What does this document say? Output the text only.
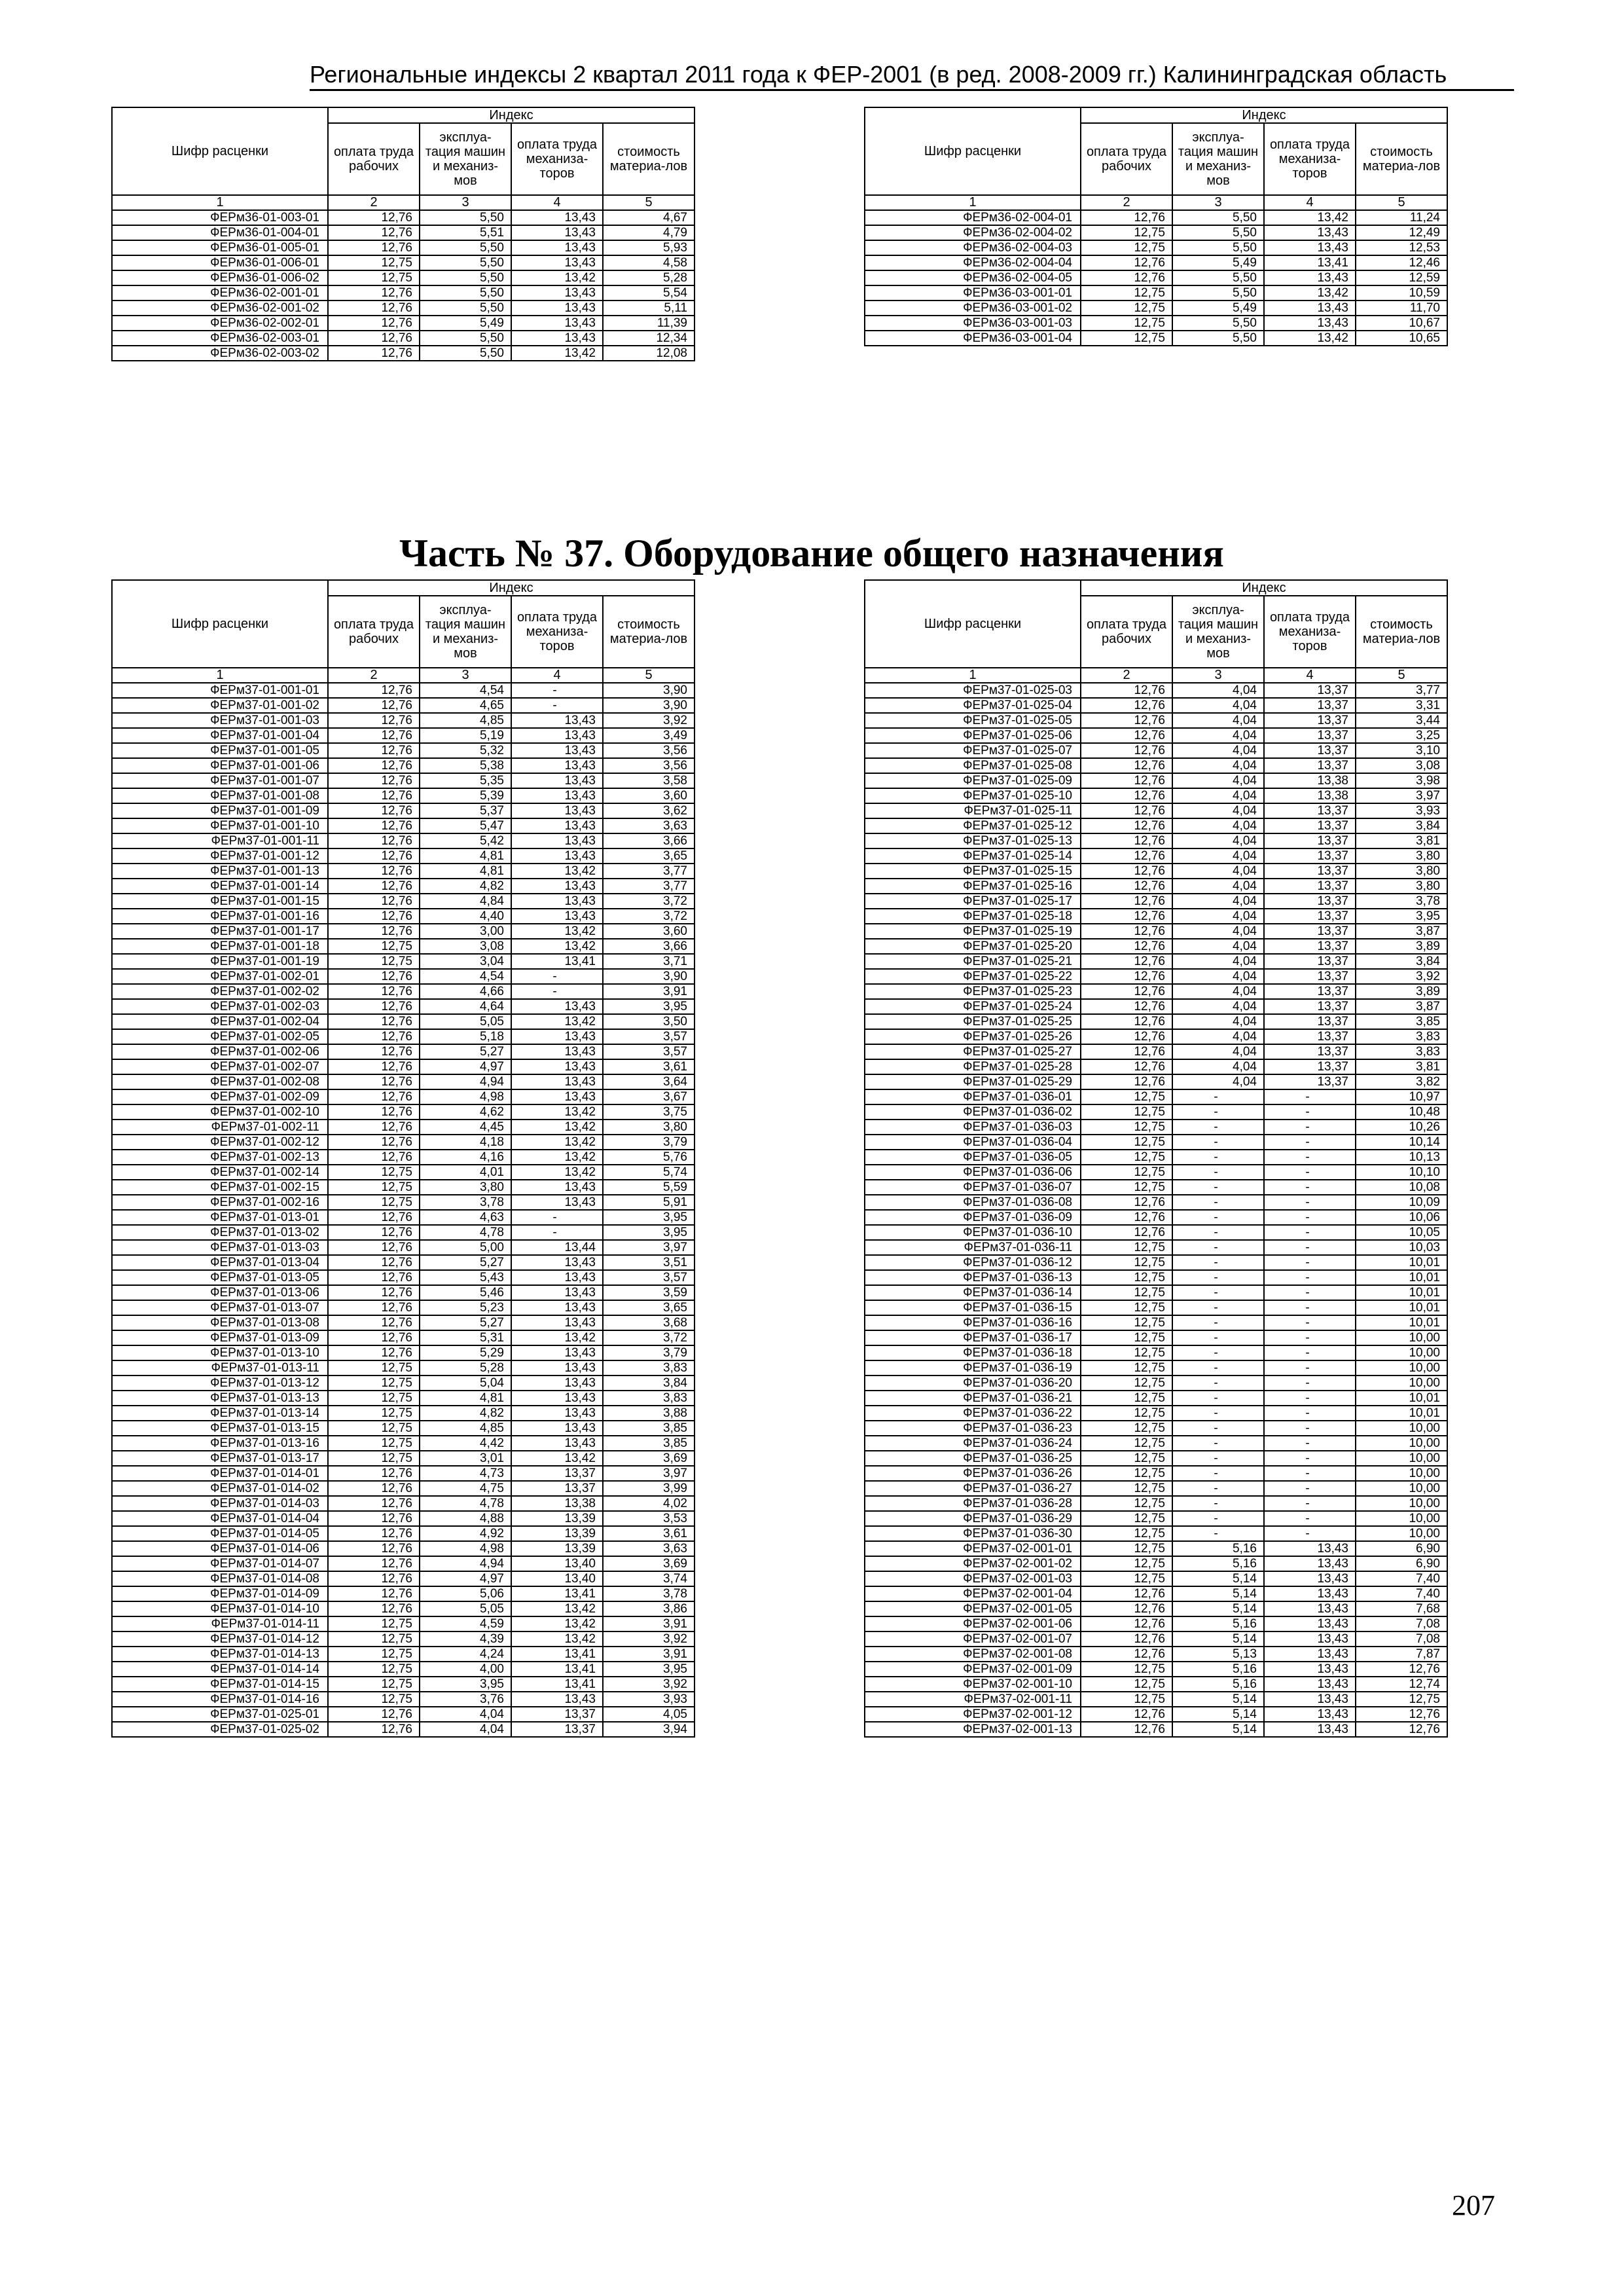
Региональные индексы 2 квартал 2011 года к ФЕР-2001 (в ред. 2008-2009 гг.) Калининградская область
Шифр расценки	Индекс			
	оплата труда рабочих	эксплуа-тация машин и механиз-мов	оплата труда механиза-торов	стоимость материа-лов
1	2	3	4	5
ФЕРм36-01-003-01	12,76	5,50	13,43	4,67
ФЕРм36-01-004-01	12,76	5,51	13,43	4,79
ФЕРм36-01-005-01	12,76	5,50	13,43	5,93
ФЕРм36-01-006-01	12,75	5,50	13,43	4,58
ФЕРм36-01-006-02	12,75	5,50	13,42	5,28
ФЕРм36-02-001-01	12,76	5,50	13,43	5,54
ФЕРм36-02-001-02	12,76	5,50	13,43	5,11
ФЕРм36-02-002-01	12,76	5,49	13,43	11,39
ФЕРм36-02-003-01	12,76	5,50	13,43	12,34
ФЕРм36-02-003-02	12,76	5,50	13,42	12,08
Шифр расценки	Индекс			
	оплата труда рабочих	эксплуа-тация машин и механиз-мов	оплата труда механиза-торов	стоимость материа-лов
1	2	3	4	5
ФЕРм36-02-004-01	12,76	5,50	13,42	11,24
ФЕРм36-02-004-02	12,75	5,50	13,43	12,49
ФЕРм36-02-004-03	12,75	5,50	13,43	12,53
ФЕРм36-02-004-04	12,76	5,49	13,41	12,46
ФЕРм36-02-004-05	12,76	5,50	13,43	12,59
ФЕРм36-03-001-01	12,75	5,50	13,42	10,59
ФЕРм36-03-001-02	12,75	5,49	13,43	11,70
ФЕРм36-03-001-03	12,75	5,50	13,43	10,67
ФЕРм36-03-001-04	12,75	5,50	13,42	10,65
Шифр расценки	Индекс			
	оплата труда рабочих	эксплуа-тация машин и механиз-мов	оплата труда механиза-торов	стоимость материа-лов
1	2	3	4	5
ФЕРм37-01-001-01	12,76	4,54	-	3,90
ФЕРм37-01-001-02	12,76	4,65	-	3,90
ФЕРм37-01-001-03	12,76	4,85	13,43	3,92
ФЕРм37-01-001-04	12,76	5,19	13,43	3,49
ФЕРм37-01-001-05	12,76	5,32	13,43	3,56
ФЕРм37-01-001-06	12,76	5,38	13,43	3,56
ФЕРм37-01-001-07	12,76	5,35	13,43	3,58
ФЕРм37-01-001-08	12,76	5,39	13,43	3,60
ФЕРм37-01-001-09	12,76	5,37	13,43	3,62
ФЕРм37-01-001-10	12,76	5,47	13,43	3,63
ФЕРм37-01-001-11	12,76	5,42	13,43	3,66
ФЕРм37-01-001-12	12,76	4,81	13,43	3,65
ФЕРм37-01-001-13	12,76	4,81	13,42	3,77
ФЕРм37-01-001-14	12,76	4,82	13,43	3,77
ФЕРм37-01-001-15	12,76	4,84	13,43	3,72
ФЕРм37-01-001-16	12,76	4,40	13,43	3,72
ФЕРм37-01-001-17	12,76	3,00	13,42	3,60
ФЕРм37-01-001-18	12,75	3,08	13,42	3,66
ФЕРм37-01-001-19	12,75	3,04	13,41	3,71
ФЕРм37-01-002-01	12,76	4,54	-	3,90
ФЕРм37-01-002-02	12,76	4,66	-	3,91
ФЕРм37-01-002-03	12,76	4,64	13,43	3,95
ФЕРм37-01-002-04	12,76	5,05	13,42	3,50
ФЕРм37-01-002-05	12,76	5,18	13,43	3,57
ФЕРм37-01-002-06	12,76	5,27	13,43	3,57
ФЕРм37-01-002-07	12,76	4,97	13,43	3,61
ФЕРм37-01-002-08	12,76	4,94	13,43	3,64
ФЕРм37-01-002-09	12,76	4,98	13,43	3,67
ФЕРм37-01-002-10	12,76	4,62	13,42	3,75
ФЕРм37-01-002-11	12,76	4,45	13,42	3,80
ФЕРм37-01-002-12	12,76	4,18	13,42	3,79
ФЕРм37-01-002-13	12,76	4,16	13,42	5,76
ФЕРм37-01-002-14	12,75	4,01	13,42	5,74
ФЕРм37-01-002-15	12,75	3,80	13,43	5,59
ФЕРм37-01-002-16	12,75	3,78	13,43	5,91
ФЕРм37-01-013-01	12,76	4,63	-	3,95
ФЕРм37-01-013-02	12,76	4,78	-	3,95
ФЕРм37-01-013-03	12,76	5,00	13,44	3,97
ФЕРм37-01-013-04	12,76	5,27	13,43	3,51
ФЕРм37-01-013-05	12,76	5,43	13,43	3,57
ФЕРм37-01-013-06	12,76	5,46	13,43	3,59
ФЕРм37-01-013-07	12,76	5,23	13,43	3,65
ФЕРм37-01-013-08	12,76	5,27	13,43	3,68
ФЕРм37-01-013-09	12,76	5,31	13,42	3,72
ФЕРм37-01-013-10	12,76	5,29	13,43	3,79
ФЕРм37-01-013-11	12,75	5,28	13,43	3,83
ФЕРм37-01-013-12	12,75	5,04	13,43	3,84
ФЕРм37-01-013-13	12,75	4,81	13,43	3,83
ФЕРм37-01-013-14	12,75	4,82	13,43	3,88
ФЕРм37-01-013-15	12,75	4,85	13,43	3,85
ФЕРм37-01-013-16	12,75	4,42	13,43	3,85
ФЕРм37-01-013-17	12,75	3,01	13,42	3,69
ФЕРм37-01-014-01	12,76	4,73	13,37	3,97
ФЕРм37-01-014-02	12,76	4,75	13,37	3,99
ФЕРм37-01-014-03	12,76	4,78	13,38	4,02
ФЕРм37-01-014-04	12,76	4,88	13,39	3,53
ФЕРм37-01-014-05	12,76	4,92	13,39	3,61
ФЕРм37-01-014-06	12,76	4,98	13,39	3,63
ФЕРм37-01-014-07	12,76	4,94	13,40	3,69
ФЕРм37-01-014-08	12,76	4,97	13,40	3,74
ФЕРм37-01-014-09	12,76	5,06	13,41	3,78
ФЕРм37-01-014-10	12,76	5,05	13,42	3,86
ФЕРм37-01-014-11	12,75	4,59	13,42	3,91
ФЕРм37-01-014-12	12,75	4,39	13,42	3,92
ФЕРм37-01-014-13	12,75	4,24	13,41	3,91
ФЕРм37-01-014-14	12,75	4,00	13,41	3,95
ФЕРм37-01-014-15	12,75	3,95	13,41	3,92
ФЕРм37-01-014-16	12,75	3,76	13,43	3,93
ФЕРм37-01-025-01	12,76	4,04	13,37	4,05
ФЕРм37-01-025-02	12,76	4,04	13,37	3,94
Шифр расценки	Индекс			
	оплата труда рабочих	эксплуа-тация машин и механиз-мов	оплата труда механиза-торов	стоимость материа-лов
1	2	3	4	5
ФЕРм37-01-025-03	12,76	4,04	13,37	3,77
ФЕРм37-01-025-04	12,76	4,04	13,37	3,31
ФЕРм37-01-025-05	12,76	4,04	13,37	3,44
ФЕРм37-01-025-06	12,76	4,04	13,37	3,25
ФЕРм37-01-025-07	12,76	4,04	13,37	3,10
ФЕРм37-01-025-08	12,76	4,04	13,37	3,08
ФЕРм37-01-025-09	12,76	4,04	13,38	3,98
ФЕРм37-01-025-10	12,76	4,04	13,38	3,97
ФЕРм37-01-025-11	12,76	4,04	13,37	3,93
ФЕРм37-01-025-12	12,76	4,04	13,37	3,84
ФЕРм37-01-025-13	12,76	4,04	13,37	3,81
ФЕРм37-01-025-14	12,76	4,04	13,37	3,80
ФЕРм37-01-025-15	12,76	4,04	13,37	3,80
ФЕРм37-01-025-16	12,76	4,04	13,37	3,80
ФЕРм37-01-025-17	12,76	4,04	13,37	3,78
ФЕРм37-01-025-18	12,76	4,04	13,37	3,95
ФЕРм37-01-025-19	12,76	4,04	13,37	3,87
ФЕРм37-01-025-20	12,76	4,04	13,37	3,89
ФЕРм37-01-025-21	12,76	4,04	13,37	3,84
ФЕРм37-01-025-22	12,76	4,04	13,37	3,92
ФЕРм37-01-025-23	12,76	4,04	13,37	3,89
ФЕРм37-01-025-24	12,76	4,04	13,37	3,87
ФЕРм37-01-025-25	12,76	4,04	13,37	3,85
ФЕРм37-01-025-26	12,76	4,04	13,37	3,83
ФЕРм37-01-025-27	12,76	4,04	13,37	3,83
ФЕРм37-01-025-28	12,76	4,04	13,37	3,81
ФЕРм37-01-025-29	12,76	4,04	13,37	3,82
ФЕРм37-01-036-01	12,75	-	-	10,97
ФЕРм37-01-036-02	12,75	-	-	10,48
ФЕРм37-01-036-03	12,75	-	-	10,26
ФЕРм37-01-036-04	12,75	-	-	10,14
ФЕРм37-01-036-05	12,75	-	-	10,13
ФЕРм37-01-036-06	12,75	-	-	10,10
ФЕРм37-01-036-07	12,75	-	-	10,08
ФЕРм37-01-036-08	12,76	-	-	10,09
ФЕРм37-01-036-09	12,76	-	-	10,06
ФЕРм37-01-036-10	12,76	-	-	10,05
ФЕРм37-01-036-11	12,75	-	-	10,03
ФЕРм37-01-036-12	12,75	-	-	10,01
ФЕРм37-01-036-13	12,75	-	-	10,01
ФЕРм37-01-036-14	12,75	-	-	10,01
ФЕРм37-01-036-15	12,75	-	-	10,01
ФЕРм37-01-036-16	12,75	-	-	10,01
ФЕРм37-01-036-17	12,75	-	-	10,00
ФЕРм37-01-036-18	12,75	-	-	10,00
ФЕРм37-01-036-19	12,75	-	-	10,00
ФЕРм37-01-036-20	12,75	-	-	10,00
ФЕРм37-01-036-21	12,75	-	-	10,01
ФЕРм37-01-036-22	12,75	-	-	10,01
ФЕРм37-01-036-23	12,75	-	-	10,00
ФЕРм37-01-036-24	12,75	-	-	10,00
ФЕРм37-01-036-25	12,75	-	-	10,00
ФЕРм37-01-036-26	12,75	-	-	10,00
ФЕРм37-01-036-27	12,75	-	-	10,00
ФЕРм37-01-036-28	12,75	-	-	10,00
ФЕРм37-01-036-29	12,75	-	-	10,00
ФЕРм37-01-036-30	12,75	-	-	10,00
ФЕРм37-02-001-01	12,75	5,16	13,43	6,90
ФЕРм37-02-001-02	12,75	5,16	13,43	6,90
ФЕРм37-02-001-03	12,75	5,14	13,43	7,40
ФЕРм37-02-001-04	12,76	5,14	13,43	7,40
ФЕРм37-02-001-05	12,76	5,14	13,43	7,68
ФЕРм37-02-001-06	12,76	5,16	13,43	7,08
ФЕРм37-02-001-07	12,76	5,14	13,43	7,08
ФЕРм37-02-001-08	12,76	5,13	13,43	7,87
ФЕРм37-02-001-09	12,75	5,16	13,43	12,76
ФЕРм37-02-001-10	12,75	5,16	13,43	12,74
ФЕРм37-02-001-11	12,75	5,14	13,43	12,75
ФЕРм37-02-001-12	12,76	5,14	13,43	12,76
ФЕРм37-02-001-13	12,76	5,14	13,43	12,76
Часть № 37. Оборудование общего назначения
207
